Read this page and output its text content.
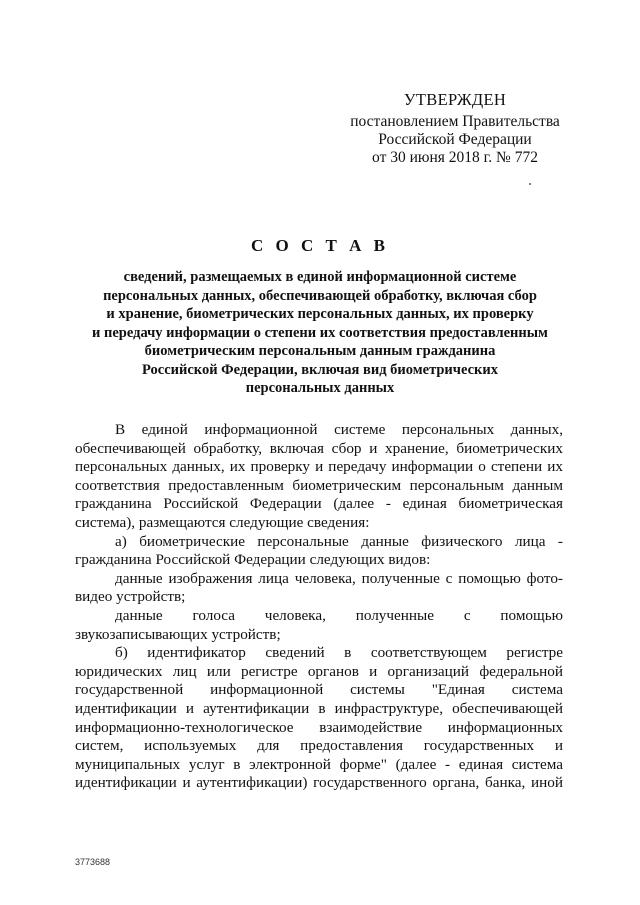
УТВЕРЖДЕН
постановлением Правительства
Российской Федерации
от 30 июня 2018 г. № 772
С О С Т А В
сведений, размещаемых в единой информационной системе
персональных данных, обеспечивающей обработку, включая сбор
и хранение, биометрических персональных данных, их проверку
и передачу информации о степени их соответствия предоставленным
биометрическим персональным данным гражданина
Российской Федерации, включая вид биометрических
персональных данных

В единой информационной системе персональных данных, обеспечивающей обработку, включая сбор и хранение, биометрических персональных данных, их проверку и передачу информации о степени их соответствия предоставленным биометрическим персональным данным гражданина Российской Федерации (далее - единая биометрическая система), размещаются следующие сведения:

а) биометрические персональные данные физического лица - гражданина Российской Федерации следующих видов:

данные изображения лица человека, полученные с помощью фото-видео устройств;

данные голоса человека, полученные с помощью звукозаписывающих устройств;

б) идентификатор сведений в соответствующем регистре юридических лиц или регистре органов и организаций федеральной государственной информационной системы "Единая система идентификации и аутентификации в инфраструктуре, обеспечивающей информационно-технологическое взаимодействие информационных систем, используемых для предоставления государственных и муниципальных услуг в электронной форме" (далее - единая система идентификации и аутентификации) государственного органа, банка, иной

3773688
